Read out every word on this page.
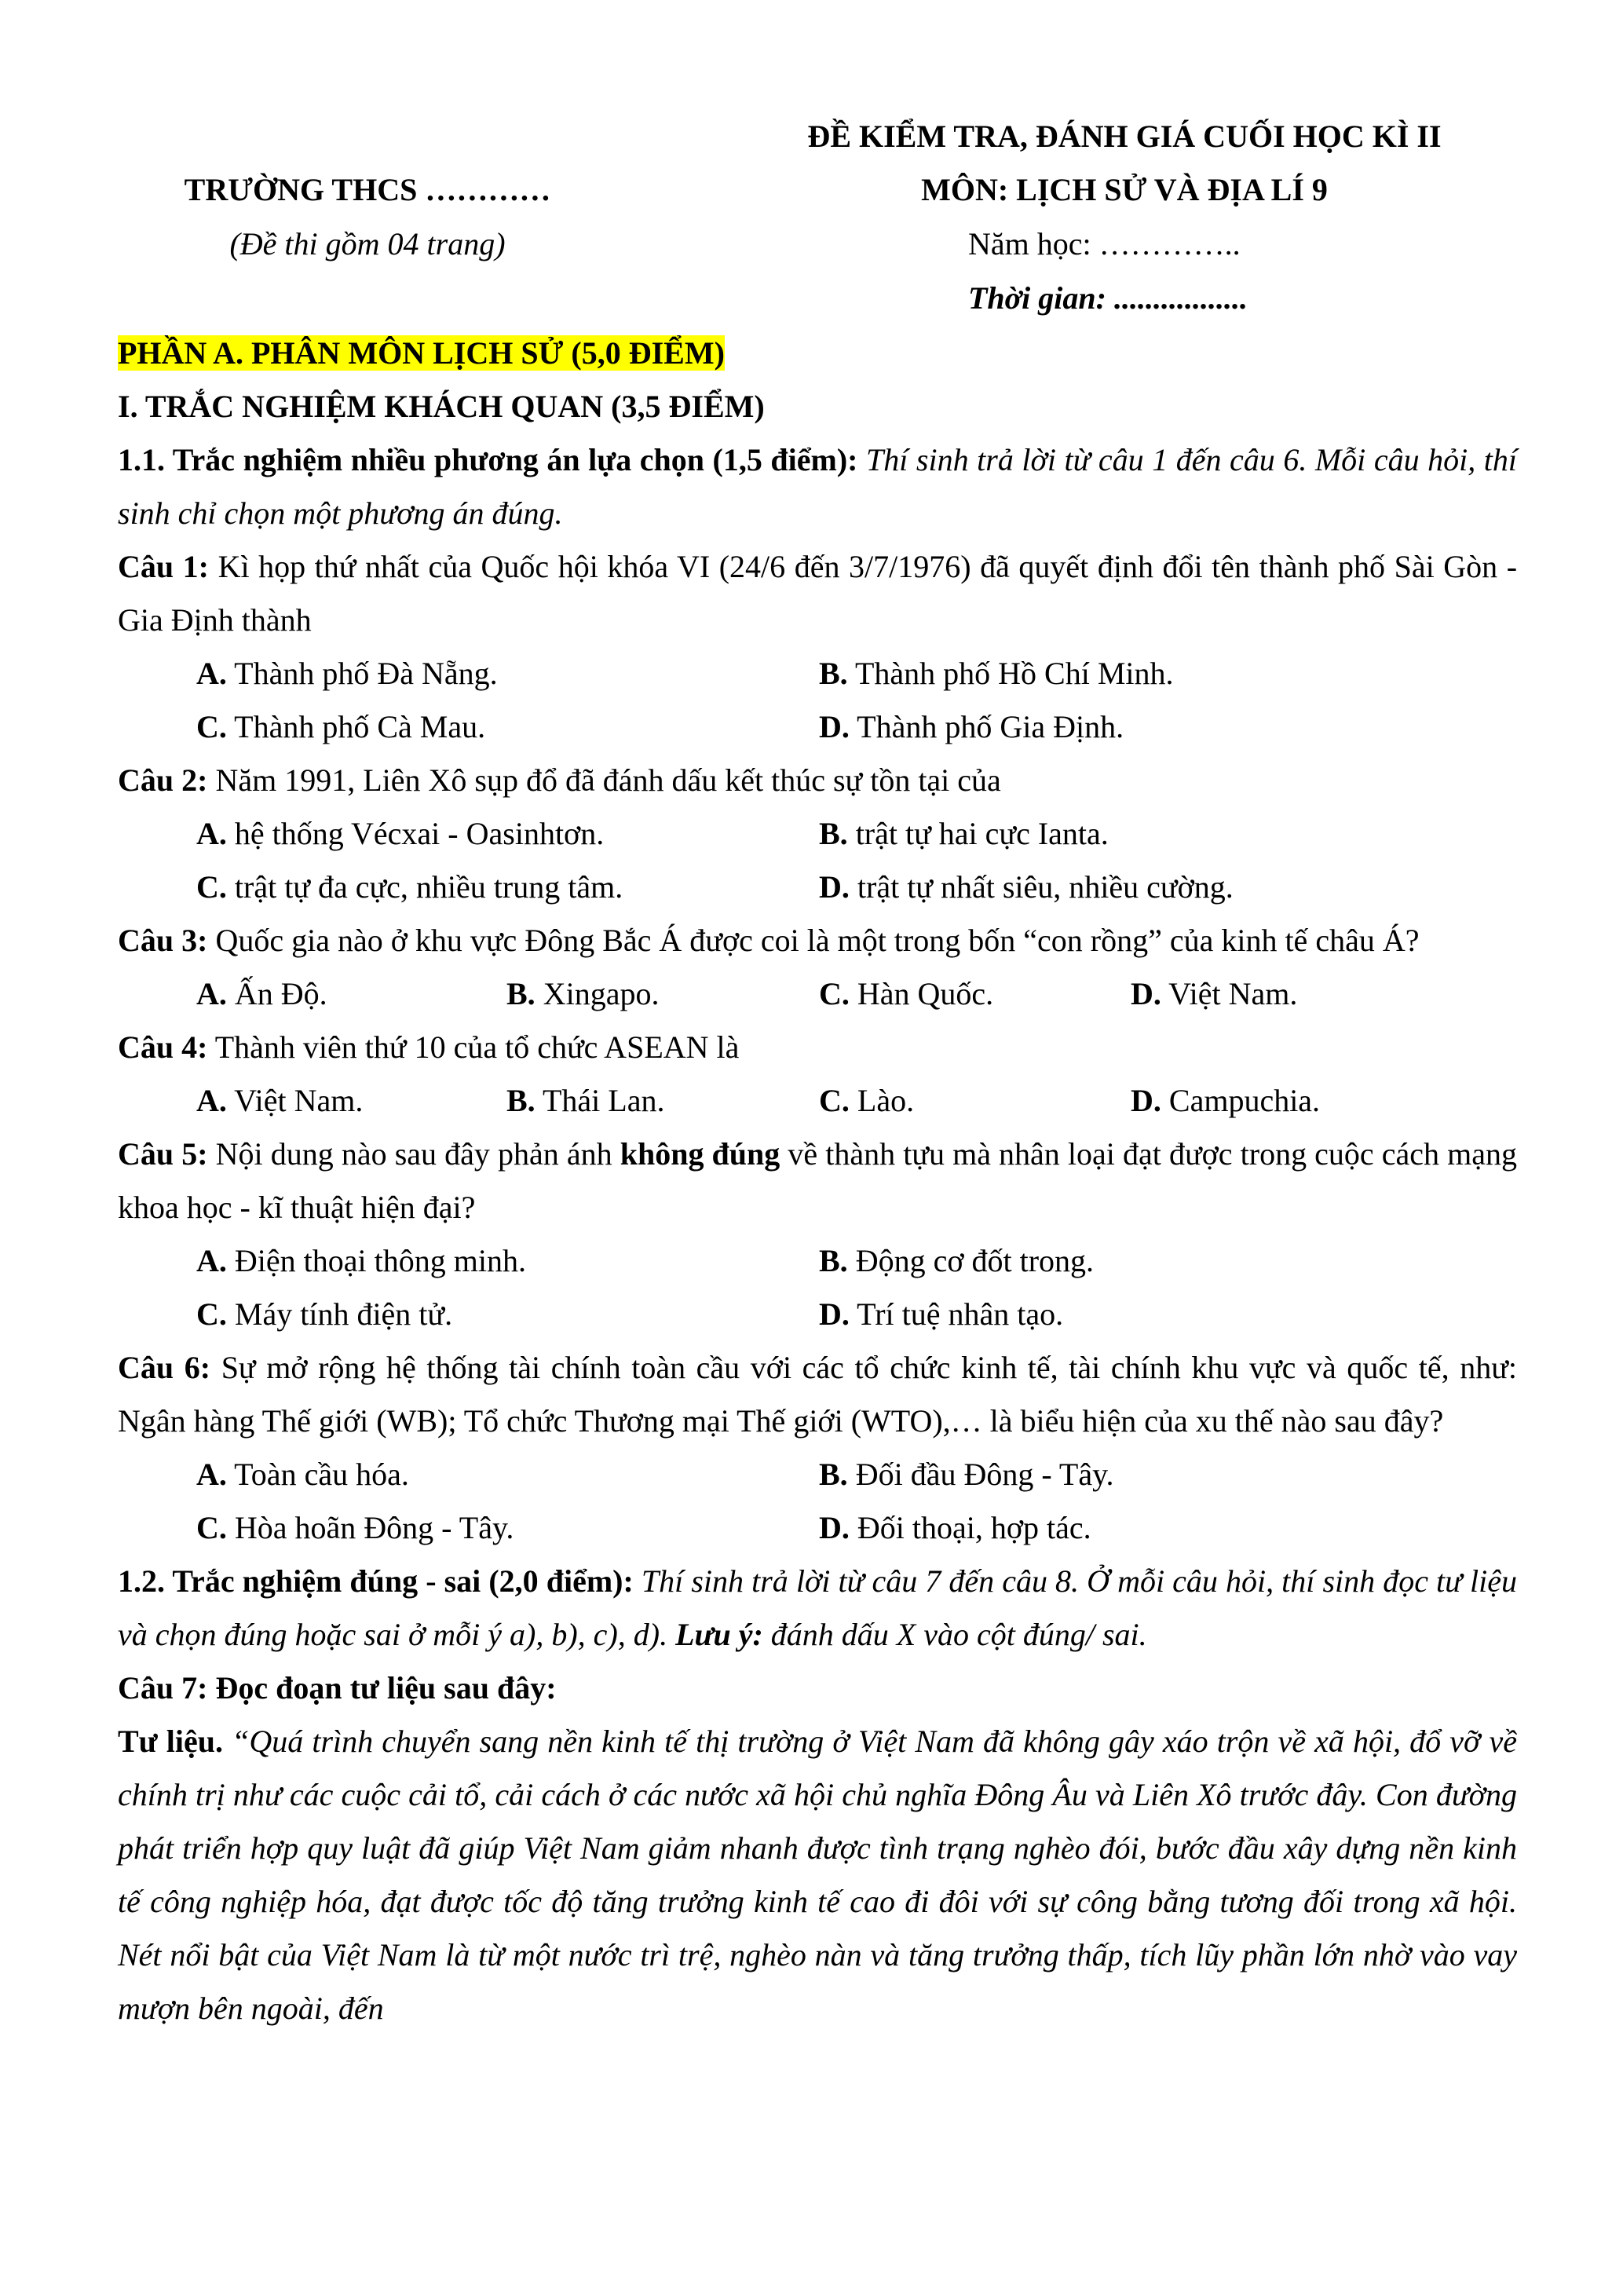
ĐỀ KIỂM TRA, ĐÁNH GIÁ CUỐI HỌC KÌ II
TRƯỜNG THCS …………	MÔN: LỊCH SỬ VÀ ĐỊA LÍ 9
(Đề thi gồm 04 trang)	Năm học: …………..
Thời gian: .................
PHẦN A. PHÂN MÔN LỊCH SỬ (5,0 ĐIỂM)
I. TRẮC NGHIỆM KHÁCH QUAN (3,5 ĐIỂM)
1.1. Trắc nghiệm nhiều phương án lựa chọn (1,5 điểm): Thí sinh trả lời từ câu 1 đến câu 6. Mỗi câu hỏi, thí sinh chỉ chọn một phương án đúng.
Câu 1: Kì họp thứ nhất của Quốc hội khóa VI (24/6 đến 3/7/1976) đã quyết định đổi tên thành phố Sài Gòn - Gia Định thành
A. Thành phố Đà Nẵng.	B. Thành phố Hồ Chí Minh.
C. Thành phố Cà Mau.	D. Thành phố Gia Định.
Câu 2: Năm 1991, Liên Xô sụp đổ đã đánh dấu kết thúc sự tồn tại của
A. hệ thống Vécxai - Oasinhtơn.	B. trật tự hai cực Ianta.
C. trật tự đa cực, nhiều trung tâm.	D. trật tự nhất siêu, nhiều cường.
Câu 3: Quốc gia nào ở khu vực Đông Bắc Á được coi là một trong bốn “con rồng” của kinh tế châu Á?
A. Ấn Độ.	B. Xingapo.	C. Hàn Quốc.	D. Việt Nam.
Câu 4: Thành viên thứ 10 của tổ chức ASEAN là
A. Việt Nam.	B. Thái Lan.	C. Lào.	D. Campuchia.
Câu 5: Nội dung nào sau đây phản ánh không đúng về thành tựu mà nhân loại đạt được trong cuộc cách mạng khoa học - kĩ thuật hiện đại?
A. Điện thoại thông minh.	B. Động cơ đốt trong.
C. Máy tính điện tử.	D. Trí tuệ nhân tạo.
Câu 6: Sự mở rộng hệ thống tài chính toàn cầu với các tổ chức kinh tế, tài chính khu vực và quốc tế, như: Ngân hàng Thế giới (WB); Tổ chức Thương mại Thế giới (WTO),… là biểu hiện của xu thế nào sau đây?
A. Toàn cầu hóa.	B. Đối đầu Đông - Tây.
C. Hòa hoãn Đông - Tây.	D. Đối thoại, hợp tác.
1.2. Trắc nghiệm đúng - sai (2,0 điểm): Thí sinh trả lời từ câu 7 đến câu 8. Ở mỗi câu hỏi, thí sinh đọc tư liệu và chọn đúng hoặc sai ở mỗi ý a), b), c), d). Lưu ý: đánh dấu X vào cột đúng/ sai.
Câu 7: Đọc đoạn tư liệu sau đây:
Tư liệu. “Quá trình chuyển sang nền kinh tế thị trường ở Việt Nam đã không gây xáo trộn về xã hội, đổ vỡ về chính trị như các cuộc cải tổ, cải cách ở các nước xã hội chủ nghĩa Đông Âu và Liên Xô trước đây. Con đường phát triển hợp quy luật đã giúp Việt Nam giảm nhanh được tình trạng nghèo đói, bước đầu xây dựng nền kinh tế công nghiệp hóa, đạt được tốc độ tăng trưởng kinh tế cao đi đôi với sự công bằng tương đối trong xã hội. Nét nổi bật của Việt Nam là từ một nước trì trệ, nghèo nàn và tăng trưởng thấp, tích lũy phần lớn nhờ vào vay mượn bên ngoài, đến
